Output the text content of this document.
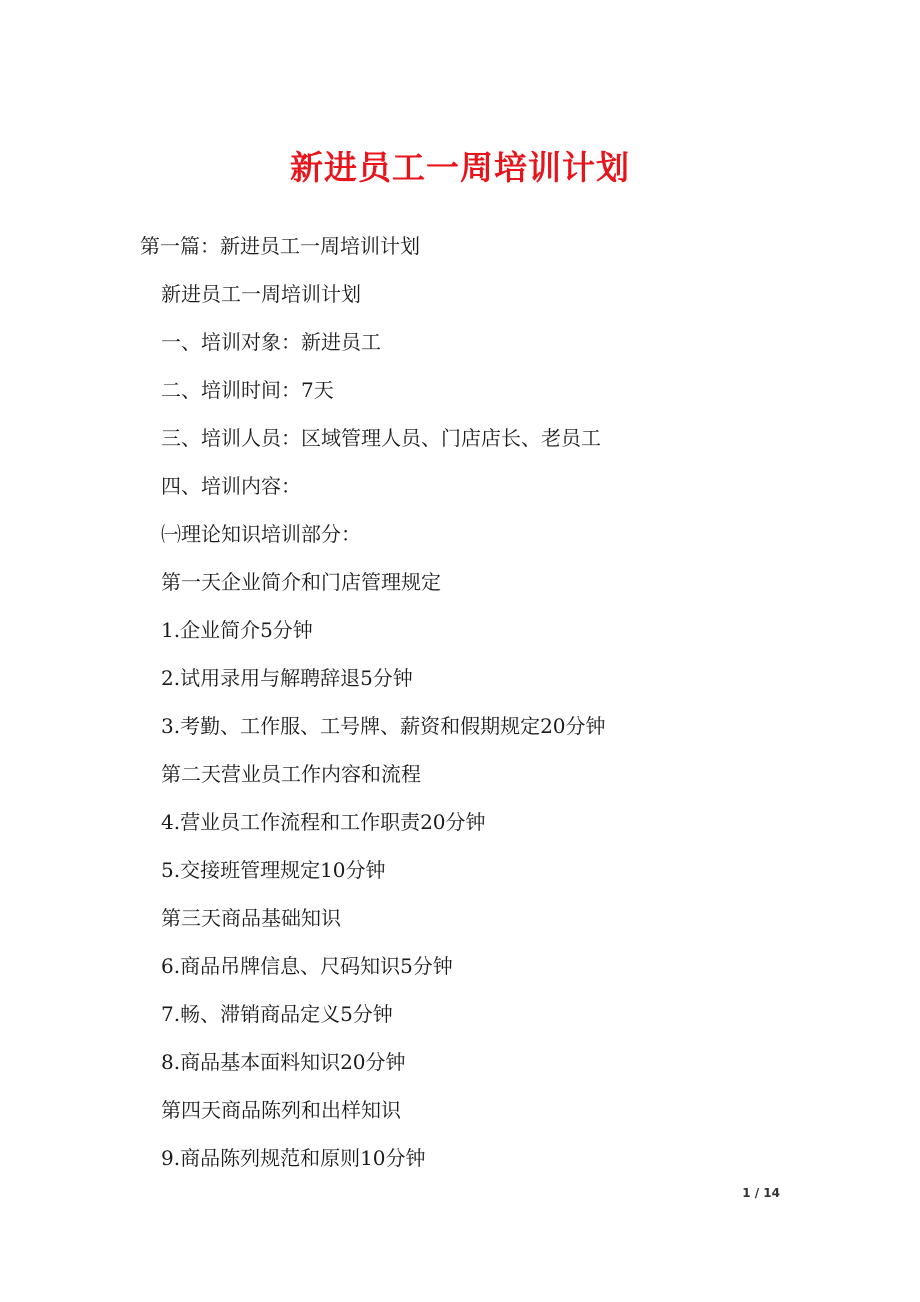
新进员工一周培训计划
第一篇：新进员工一周培训计划
新进员工一周培训计划
一、培训对象：新进员工
二、培训时间：7天
三、培训人员：区域管理人员、门店店长、老员工
四、培训内容：
㈠理论知识培训部分：
第一天企业简介和门店管理规定
1.企业简介5分钟
2.试用录用与解聘辞退5分钟
3.考勤、工作服、工号牌、薪资和假期规定20分钟
第二天营业员工作内容和流程
4.营业员工作流程和工作职责20分钟
5.交接班管理规定10分钟
第三天商品基础知识
6.商品吊牌信息、尺码知识5分钟
7.畅、滞销商品定义5分钟
8.商品基本面料知识20分钟
第四天商品陈列和出样知识
9.商品陈列规范和原则10分钟
1 / 14
